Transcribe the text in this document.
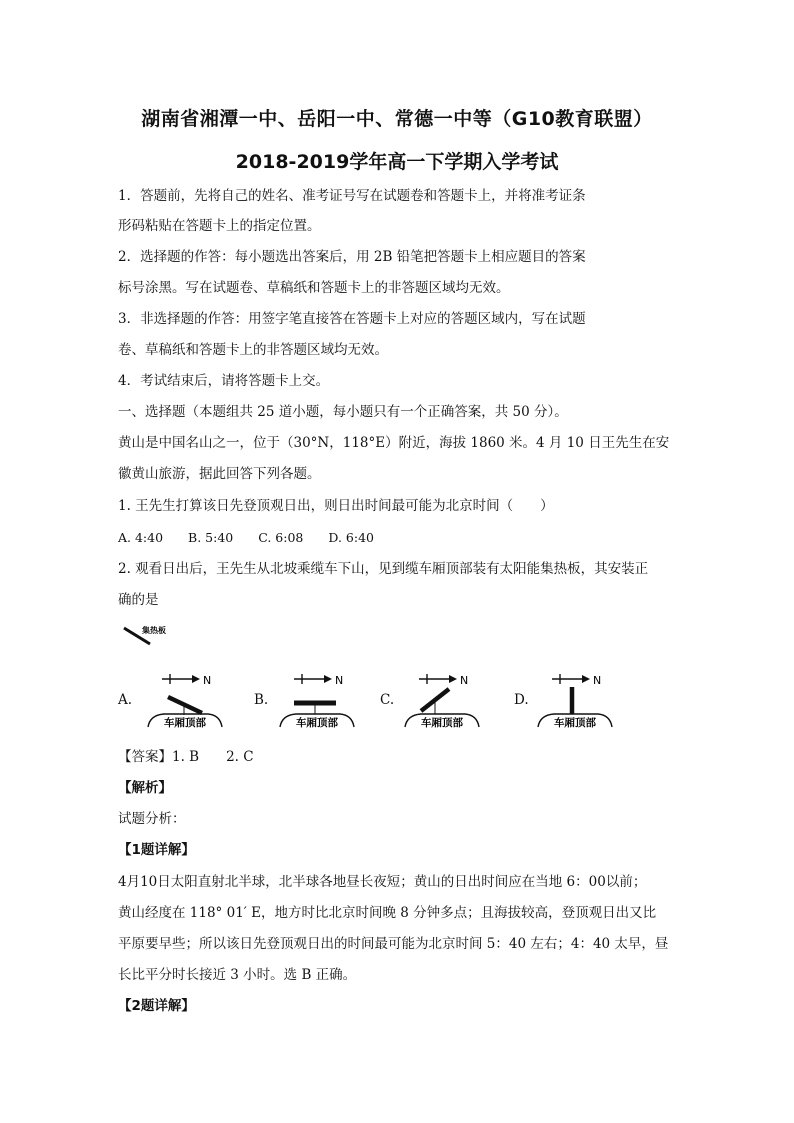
湖南省湘潭一中、岳阳一中、常德一中等（G10教育联盟）
2018-2019学年高一下学期入学考试
1．答题前，先将自己的姓名、准考证号写在试题卷和答题卡上，并将准考证条
形码粘贴在答题卡上的指定位置。
2．选择题的作答：每小题选出答案后，用 2B 铅笔把答题卡上相应题目的答案
标号涂黑。写在试题卷、草稿纸和答题卡上的非答题区域均无效。
3．非选择题的作答：用签字笔直接答在答题卡上对应的答题区域内，写在试题
卷、草稿纸和答题卡上的非答题区域均无效。
4．考试结束后，请将答题卡上交。
一、选择题（本题组共 25 道小题，每小题只有一个正确答案，共 50 分）。
黄山是中国名山之一，位于（30°N，118°E）附近，海拔 1860 米。4 月 10 日王先生在安
徽黄山旅游，据此回答下列各题。
1. 王先生打算该日先登顶观日出，则日出时间最可能为北京时间（　　）
A. 4:40　　B. 5:40　　C. 6:08　　D. 6:40
2. 观看日出后，王先生从北坡乘缆车下山，见到缆车厢顶部装有太阳能集热板，其安装正
确的是
集热板
A.
N
车厢顶部
B.
N
车厢顶部
C.
N
车厢顶部
D.
N
车厢顶部
【答案】1. B　　2. C
【解析】
试题分析：
【1题详解】
4月10日太阳直射北半球，北半球各地昼长夜短；黄山的日出时间应在当地 6：00以前；
黄山经度在 118° 01′ E，地方时比北京时间晚 8 分钟多点；且海拔较高，登顶观日出又比
平原要早些；所以该日先登顶观日出的时间最可能为北京时间 5：40 左右；4：40 太早，昼
长比平分时长接近 3 小时。选 B 正确。
【2题详解】
